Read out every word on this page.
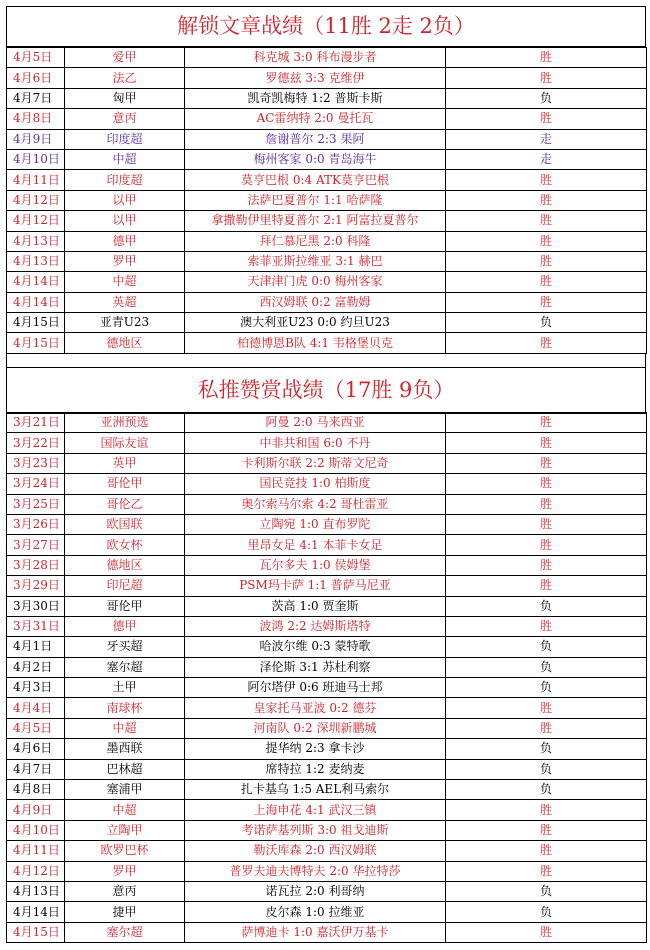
解锁文章战绩（11胜 2走 2负）
4月5日	爱甲	科克城 3:0 科布漫步者	胜
4月6日	法乙	罗德兹 3:3 克维伊	胜
4月7日	匈甲	凯奇凯梅特 1:2 普斯卡斯	负
4月8日	意丙	AC雷纳特 2:0 曼托瓦	胜
4月9日	印度超	詹谢普尔 2:3 果阿	走
4月10日	中超	梅州客家 0:0 青岛海牛	走
4月11日	印度超	莫亨巴根 0:4 ATK莫亨巴根	胜
4月12日	以甲	法萨巴夏普尔 1:1 哈萨隆	胜
4月12日	以甲	拿撒勒伊里特夏普尔 2:1 阿富拉夏普尔	胜
4月13日	德甲	拜仁慕尼黑 2:0 科隆	胜
4月13日	罗甲	索菲亚斯拉维亚 3:1 赫巴	胜
4月14日	中超	天津津门虎 0:0 梅州客家	胜
4月14日	英超	西汉姆联 0:2 富勒姆	胜
4月15日	亚青U23	澳大利亚U23 0:0 约旦U23	负
4月15日	德地区	柏德博恩B队 4:1 韦格堡贝克	胜
私推赞赏战绩（17胜 9负）
3月21日	亚洲预选	阿曼 2:0 马来西亚	胜
3月22日	国际友谊	中非共和国 6:0 不丹	胜
3月23日	英甲	卡利斯尔联 2:2 斯蒂文尼奇	胜
3月24日	哥伦甲	国民竞技 1:0 柏斯度	胜
3月25日	哥伦乙	奥尔索马尔索 4:2 哥杜雷亚	胜
3月26日	欧国联	立陶宛 1:0 直布罗陀	胜
3月27日	欧女杯	里昂女足 4:1 本菲卡女足	胜
3月28日	德地区	瓦尔多夫 1:0 侯姆堡	胜
3月29日	印尼超	PSM玛卡萨 1:1 普萨马尼亚	胜
3月30日	哥伦甲	茨高 1:0 贾奎斯	负
3月31日	德甲	波鸿 2:2 达姆斯塔特	胜
4月1日	牙买超	哈波尔维 0:3 蒙特歌	负
4月2日	塞尔超	泽伦斯 3:1 苏杜利察	负
4月3日	土甲	阿尔塔伊 0:6 班迪马士邦	负
4月4日	南球杯	皇家托马亚波 0:2 德芬	胜
4月5日	中超	河南队 0:2 深圳新鹏城	胜
4月6日	墨西联	提华纳 2:3 拿卡沙	负
4月7日	巴林超	席特拉 1:2 麦纳麦	负
4月8日	塞浦甲	扎卡基乌 1:5 AEL利马索尔	负
4月9日	中超	上海申花 4:1 武汉三镇	胜
4月10日	立陶甲	考诺萨基列斯 3:0 祖戈迪斯	胜
4月11日	欧罗巴杯	勒沃库森 2:0 西汉姆联	胜
4月12日	罗甲	普罗夫迪夫博特夫 2:0 华拉特莎	胜
4月13日	意丙	诺瓦拉 2:0 利哥纳	负
4月14日	捷甲	皮尔森 1:0 拉维亚	负
4月15日	塞尔超	萨博迪卡 1:0 嘉沃伊万基卡	胜
